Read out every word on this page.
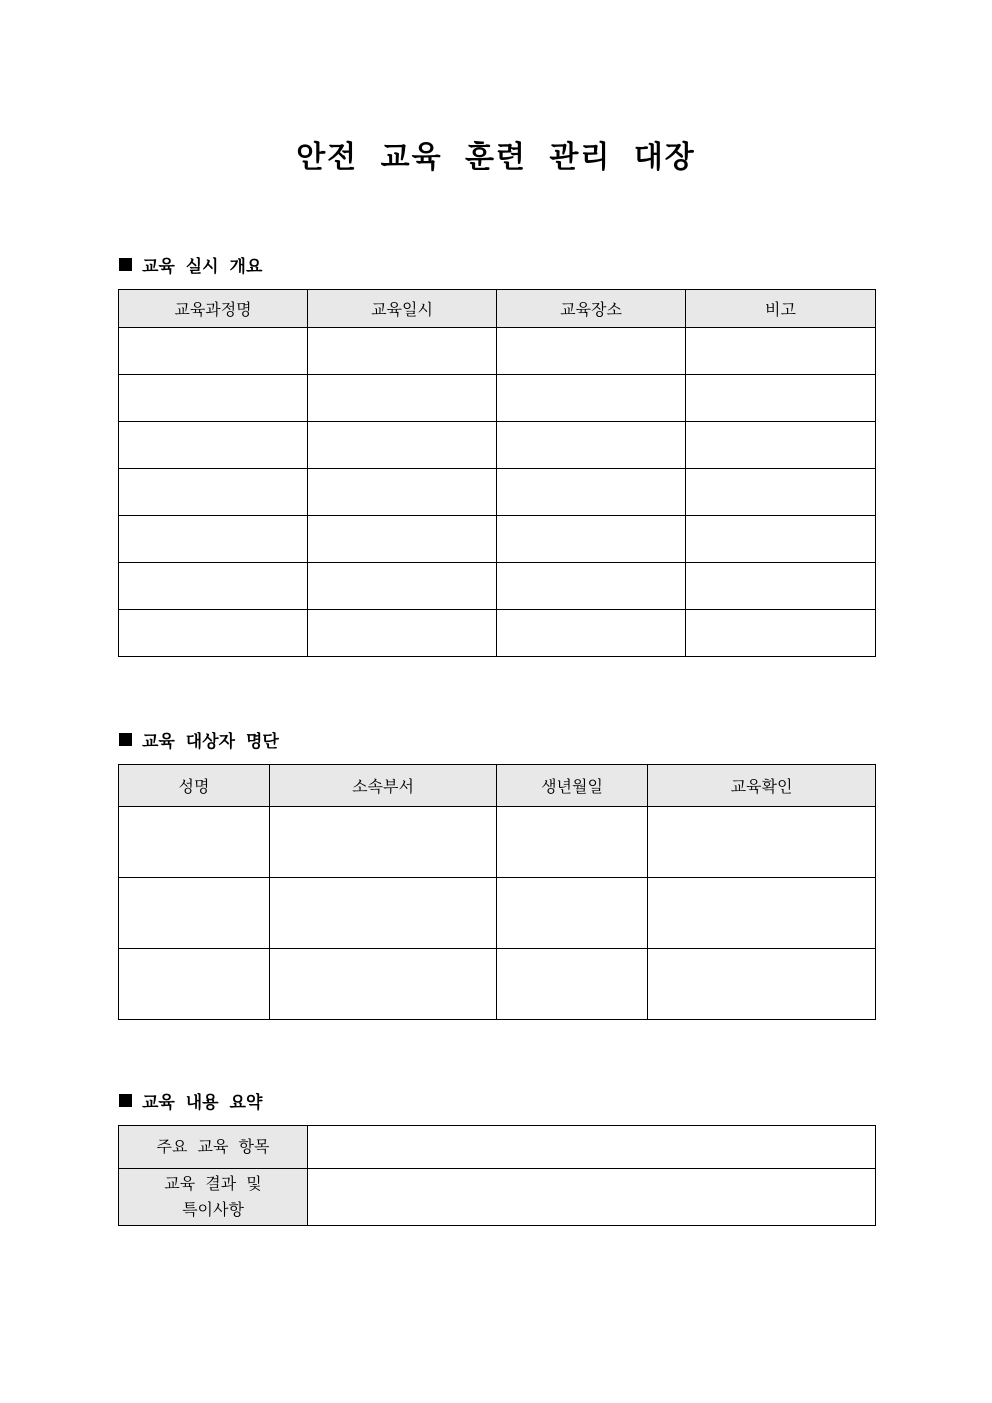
안전 교육 훈련 관리 대장
교육 실시 개요
교육과정명	교육일시	교육장소	비고

교육 대상자 명단
성명	소속부서	생년월일	교육확인

교육 내용 요약
주요 교육 항목	

교육 결과 및
특이사항	
